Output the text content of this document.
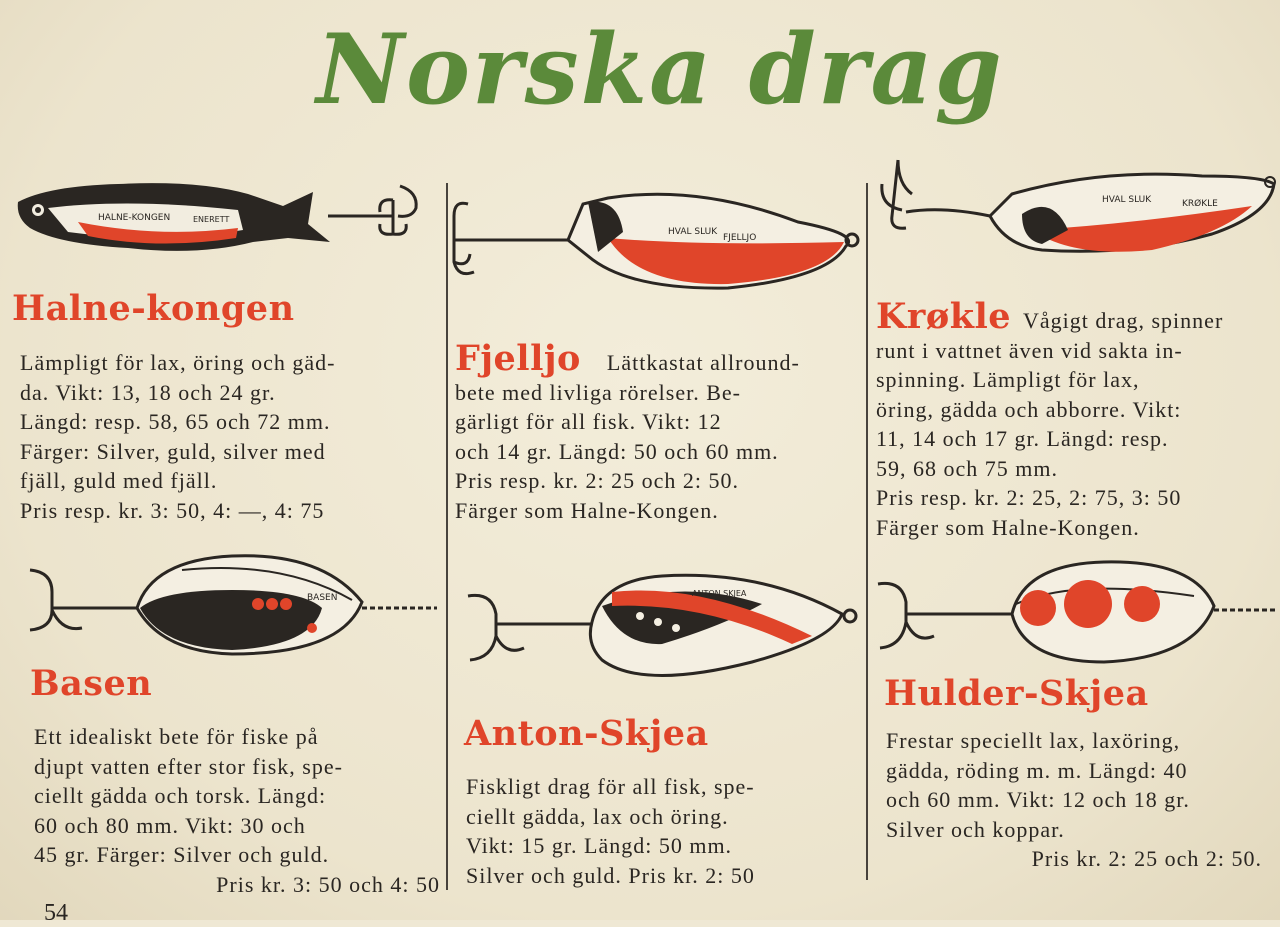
Norska drag
HALNE-KONGEN	ENERETT
Halne-kongen

Lämpligt för lax, öring och gäd-

da. Vikt: 13, 18 och 24 gr.

Längd: resp. 58, 65 och 72 mm.

Färger: Silver, guld, silver med

fjäll, guld med fjäll.

Pris resp. kr. 3: 50, 4: —, 4: 75

BASEN
Basen

Ett idealiskt bete för fiske på

djupt vatten efter stor fisk, spe-

ciellt gädda och torsk. Längd:

60 och 80 mm. Vikt: 30 och

45 gr. Färger: Silver och guld.

Pris kr. 3: 50 och 4: 50

HVAL SLUK
FJELLJO

Fjelljo Lättkastat allround-

bete med livliga rörelser. Be-

gärligt för all fisk. Vikt: 12

och 14 gr. Längd: 50 och 60 mm.

Pris resp. kr. 2: 25 och 2: 50.

Färger som Halne-Kongen.

ANTON SKJEA
Anton-Skjea

Fiskligt drag för all fisk, spe-

ciellt gädda, lax och öring.

Vikt: 15 gr. Längd: 50 mm.

Silver och guld. Pris kr. 2: 50

HVAL SLUK	KRØKLE

Krøkle Vågigt drag, spinner

runt i vattnet även vid sakta in-

spinning. Lämpligt för lax,

öring, gädda och abborre. Vikt:

11, 14 och 17 gr. Längd: resp.

59, 68 och 75 mm.

Pris resp. kr. 2: 25, 2: 75, 3: 50

Färger som Halne-Kongen.

Hulder-Skjea

Frestar speciellt lax, laxöring,

gädda, röding m. m. Längd: 40

och 60 mm. Vikt: 12 och 18 gr.

Silver och koppar.

Pris kr. 2: 25 och 2: 50.

54
